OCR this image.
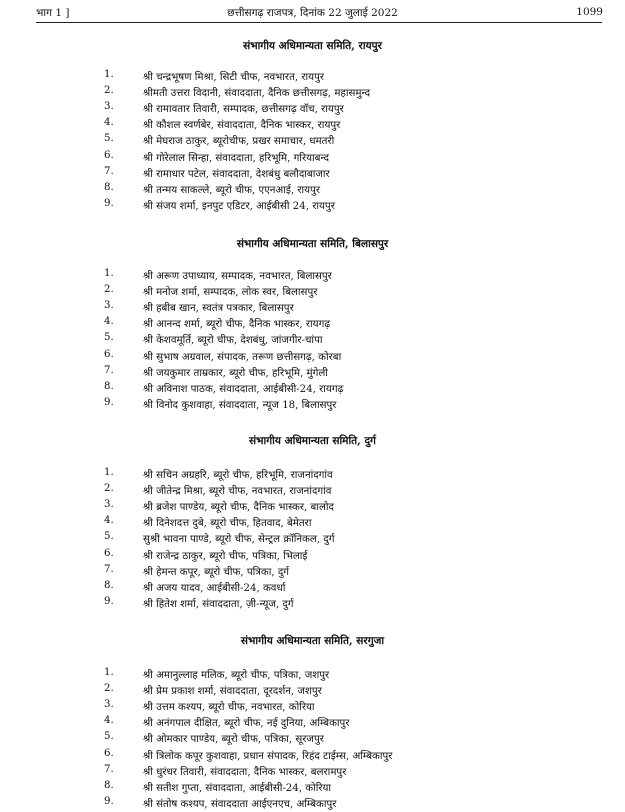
भाग 1 ]	छत्तीसगढ़ राजपत्र, दिनांक 22 जुलाई 2022	1099
संभागीय अधिमान्यता समिति, रायपुर
1.	श्री चन्द्रभूषण मिश्रा, सिटी चीफ, नवभारत, रायपुर
2.	श्रीमती उत्तरा विदानी, संवाददाता, दैनिक छत्तीसगढ़, महासमुन्द
3.	श्री रामावतार तिवारी, सम्पादक, छत्तीसगढ़ वॉच, रायपुर
4.	श्री कौशल स्वर्णबेर, संवाददाता, दैनिक भास्कर, रायपुर
5.	श्री मेघराज ठाकुर, ब्यूरोचीफ, प्रखर समाचार, धमतरी
6.	श्री गोरेलाल सिन्हा, संवाददाता, हरिभूमि, गरियाबन्द
7.	श्री रामाधार पटेल, संवाददाता, देशबंधु बलौदाबाजार
8.	श्री तन्मय साकल्ले, ब्यूरो चीफ, एएनआई, रायपुर
9.	श्री संजय शर्मा, इनपुट एडिटर, आईबीसी 24, रायपुर
संभागीय अधिमान्यता समिति, बिलासपुर
1.	श्री अरूण उपाध्याय, सम्पादक, नवभारत, बिलासपुर
2.	श्री मनोज शर्मा, सम्पादक, लोक स्वर, बिलासपुर
3.	श्री हबीब खान, स्वतंत्र पत्रकार, बिलासपुर
4.	श्री आनन्द शर्मा, ब्यूरो चीफ, दैनिक भास्कर, रायगढ़
5.	श्री केशवमूर्ति, ब्यूरो चीफ, देशबंधु, जांजगीर-चांपा
6.	श्री सुभाष अग्रवाल, संपादक, तरूण छत्तीसगढ़, कोरबा
7.	श्री जयकुमार ताम्रकार, ब्यूरो चीफ, हरिभूमि, मुंगेली
8.	श्री अविनाश पाठक, संवाददाता, आईबीसी-24, रायगढ़
9.	श्री विनोद कुशवाहा, संवाददाता, न्यूज 18, बिलासपुर
संभागीय अधिमान्यता समिति, दुर्ग
1.	श्री सचिन अग्रहरि, ब्यूरो चीफ, हरिभूमि, राजनांदगांव
2.	श्री जीतेन्द्र मिश्रा, ब्यूरो चीफ, नवभारत, राजनांदगांव
3.	श्री ब्रजेश पाण्डेय, ब्यूरो चीफ, दैनिक भास्कर, बालोद
4.	श्री दिनेशदत्त दुबे, ब्यूरो चीफ, हितवाद, बेमेतरा
5.	सुश्री भावना पाण्डे, ब्यूरो चीफ, सेन्ट्रल क्रॉनिकल, दुर्ग
6.	श्री राजेन्द्र ठाकुर, ब्यूरो चीफ, पत्रिका, भिलाई
7.	श्री हेमन्त कपूर, ब्यूरो चीफ, पत्रिका, दुर्ग
8.	श्री अजय यादव, आईबीसी-24, कवर्धा
9.	श्री हितेश शर्मा, संवाददाता, ज़ी-न्यूज, दुर्ग
संभागीय अधिमान्यता समिति, सरगुजा
1.	श्री अमानुल्लाह मलिक, ब्यूरो चीफ, पत्रिका, जशपुर
2.	श्री प्रेम प्रकाश शर्मा, संवाददाता, दूरदर्शन, जशपुर
3.	श्री उत्तम कश्यप, ब्यूरो चीफ, नवभारत, कोरिया
4.	श्री अनंगपाल दीक्षित, ब्यूरो चीफ, नई दुनिया, अम्बिकापुर
5.	श्री ओमकार पाण्डेय, ब्यूरो चीफ, पत्रिका, सूरजपुर
6.	श्री त्रिलोक कपूर कुशवाहा, प्रधान संपादक, रिहंद टाईम्स, अम्बिकापुर
7.	श्री धुरंधर तिवारी, संवाददाता, दैनिक भास्कर, बलरामपुर
8.	श्री सतीश गुप्ता, संवाददाता, आईबीसी-24, कोरिया
9.	श्री संतोष कश्यप, संवाददाता आईएनएच, अम्बिकापुर
